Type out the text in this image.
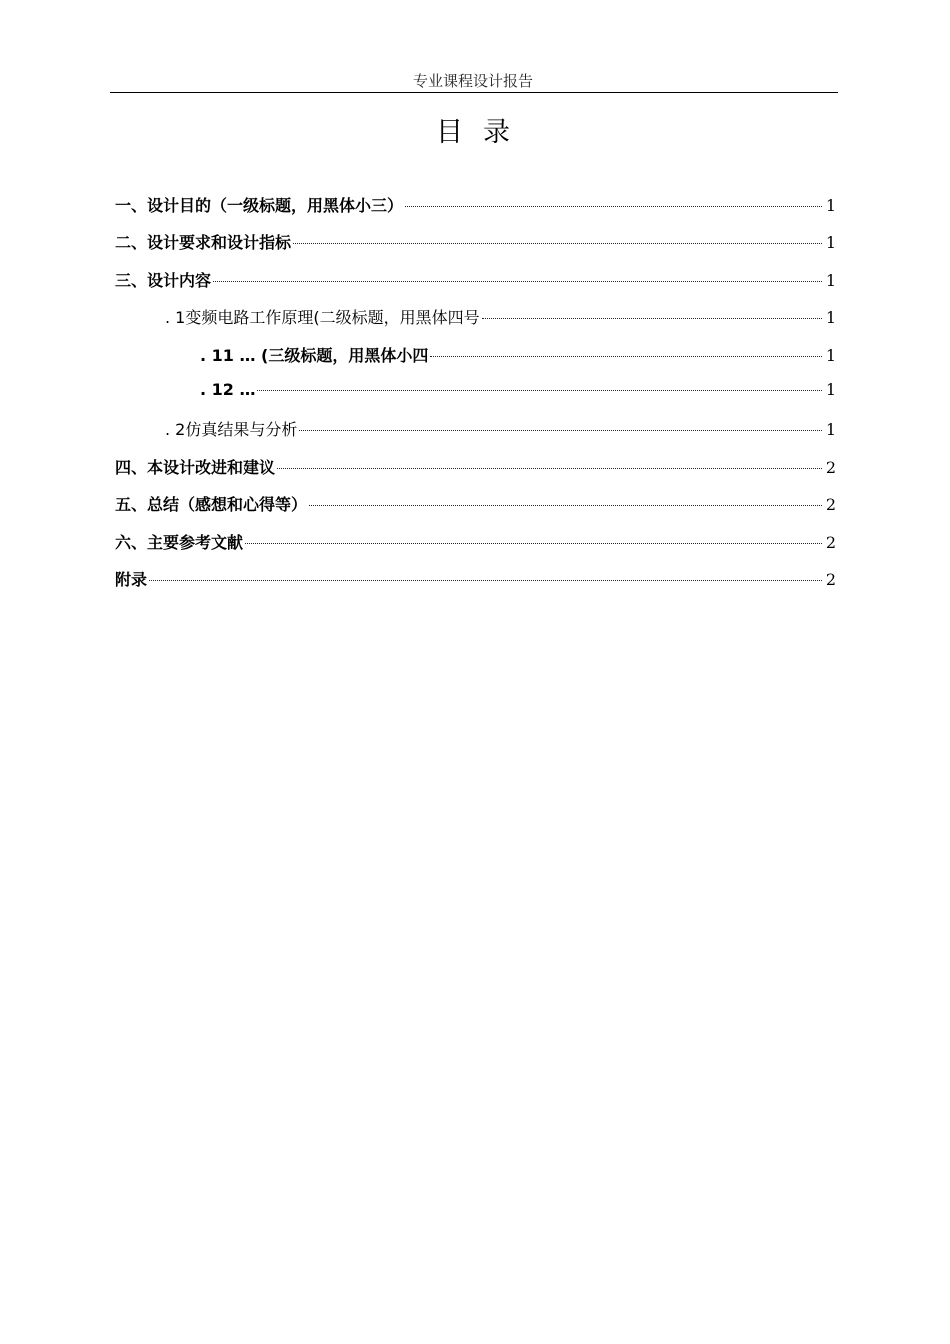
专业课程设计报告
目录
一、设计目的（一级标题，用黑体小三）	1
二、设计要求和设计指标	1
三、设计内容	1
. 1变频电路工作原理(二级标题，用黑体四号	1
. 11 … (三级标题，用黑体小四	1
. 12 …	1
. 2仿真结果与分析	1
四、本设计改进和建议	2
五、总结（感想和心得等）	2
六、主要参考文献	2
附录	2
